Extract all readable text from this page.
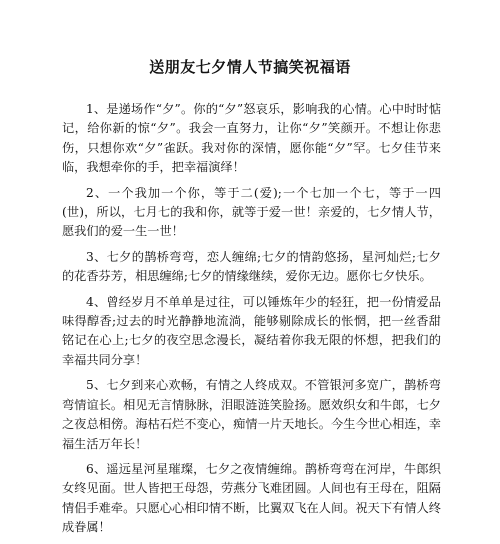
送朋友七夕情人节搞笑祝福语

1、是递场作“夕”。你的“夕”怒哀乐，影响我的心情。心中时时惦记，给你新的惊“夕”。我会一直努力，让你“夕”笑颜开。不想让你悲伤，只想你欢“夕”雀跃。我对你的深情，愿你能“夕”罕。七夕佳节来临，我想牵你的手，把幸福演绎！

2、一个我加一个你，等于二(爱);一个七加一个七，等于一四(世)，所以，七月七的我和你，就等于爱一世！亲爱的，七夕情人节，愿我们的爱一生一世！

3、七夕的鹊桥弯弯，恋人缠绵;七夕的情韵悠扬，星河灿烂;七夕的花香芬芳，相思缠绵;七夕的情缘继续，爱你无边。愿你七夕快乐。

4、曾经岁月不单单是过往，可以锤炼年少的轻狂，把一份情爱品味得醇香;过去的时光静静地流淌，能够剔除成长的怅惘，把一丝香甜铭记在心上;七夕的夜空思念漫长，凝结着你我无限的怀想，把我们的幸福共同分享！

5、七夕到来心欢畅，有情之人终成双。不管银河多宽广，鹊桥弯弯情谊长。相见无言情脉脉，泪眼涟涟笑脸扬。愿效织女和牛郎，七夕之夜总相傍。海枯石烂不变心，痴情一片天地长。今生今世心相连，幸福生活万年长！

6、遥远星河星璀璨，七夕之夜情缠绵。鹊桥弯弯在河岸，牛郎织女终见面。世人皆把王母怨，劳燕分飞难团圆。人间也有王母在，阻隔情侣手难牵。只愿心心相印情不断，比翼双飞在人间。祝天下有情人终成眷属！
